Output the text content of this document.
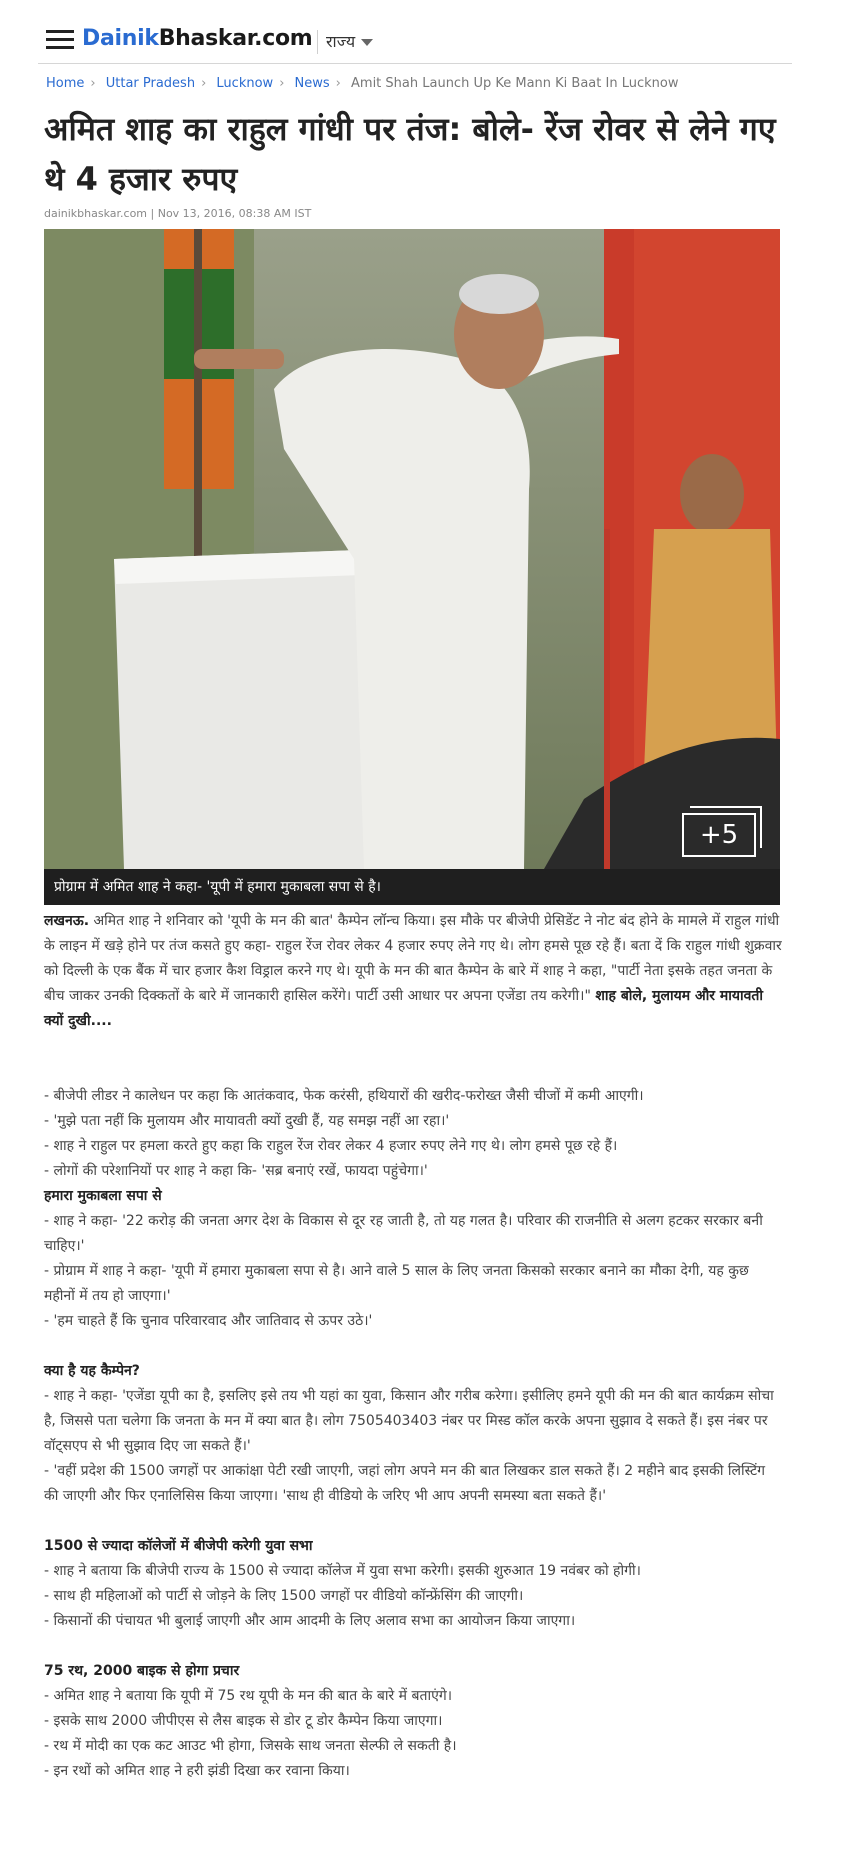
DainikBhaskar.com राज्य
Home › Uttar Pradesh › Lucknow › News › Amit Shah Launch Up Ke Mann Ki Baat In Lucknow
अमित शाह का राहुल गांधी पर तंज: बोले- रेंज रोवर से लेने गए थे 4 हजार रुपए
dainikbhaskar.com | Nov 13, 2016, 08:38 AM IST
+5
प्रोग्राम में अमित शाह ने कहा- 'यूपी में हमारा मुकाबला सपा से है।

लखनऊ. अमित शाह ने शनिवार को 'यूपी के मन की बात' कैम्पेन लॉन्च किया। इस मौके पर बीजेपी प्रेसिडेंट ने नोट बंद होने के मामले में राहुल गांधी के लाइन में खड़े होने पर तंज कसते हुए कहा- राहुल रेंज रोवर लेकर 4 हजार रुपए लेने गए थे। लोग हमसे पूछ रहे हैं। बता दें कि राहुल गांधी शुक्रवार को दिल्ली के एक बैंक में चार हजार कैश विड्राल करने गए थे। यूपी के मन की बात कैम्पेन के बारे में शाह ने कहा, "पार्टी नेता इसके तहत जनता के बीच जाकर उनकी दिक्कतों के बारे में जानकारी हासिल करेंगे। पार्टी उसी आधार पर अपना एजेंडा तय करेगी।" शाह बोले, मुलायम और मायावती क्यों दुखी....

- बीजेपी लीडर ने कालेधन पर कहा कि आतंकवाद, फेक करंसी, हथियारों की खरीद-फरोख्त जैसी चीजों में कमी आएगी।

- 'मुझे पता नहीं कि मुलायम और मायावती क्यों दुखी हैं, यह समझ नहीं आ रहा।'

- शाह ने राहुल पर हमला करते हुए कहा कि राहुल रेंज रोवर लेकर 4 हजार रुपए लेने गए थे। लोग हमसे पूछ रहे हैं।

- लोगों की परेशानियों पर शाह ने कहा कि- 'सब्र बनाएं रखें, फायदा पहुंचेगा।'

हमारा मुकाबला सपा से

- शाह ने कहा- '22 करोड़ की जनता अगर देश के विकास से दूर रह जाती है, तो यह गलत है। परिवार की राजनीति से अलग हटकर सरकार बनी चाहिए।'

- प्रोग्राम में शाह ने कहा- 'यूपी में हमारा मुकाबला सपा से है। आने वाले 5 साल के लिए जनता किसको सरकार बनाने का मौका देगी, यह कुछ महीनों में तय हो जाएगा।'

- 'हम चाहते हैं कि चुनाव परिवारवाद और जातिवाद से ऊपर उठे।'

क्या है यह कैम्पेन?

- शाह ने कहा- 'एजेंडा यूपी का है, इसलिए इसे तय भी यहां का युवा, किसान और गरीब करेगा। इसीलिए हमने यूपी की मन की बात कार्यक्रम सोचा है, जिससे पता चलेगा कि जनता के मन में क्या बात है। लोग 7505403403 नंबर पर मिस्ड कॉल करके अपना सुझाव दे सकते हैं। इस नंबर पर वॉट्सएप से भी सुझाव दिए जा सकते हैं।'

- 'वहीं प्रदेश की 1500 जगहों पर आकांक्षा पेटी रखी जाएगी, जहां लोग अपने मन की बात लिखकर डाल सकते हैं। 2 महीने बाद इसकी लिस्टिंग की जाएगी और फिर एनालिसिस किया जाएगा। 'साथ ही वीडियो के जरिए भी आप अपनी समस्या बता सकते हैं।'

1500 से ज्यादा कॉलेजों में बीजेपी करेगी युवा सभा

- शाह ने बताया कि बीजेपी राज्य के 1500 से ज्यादा कॉलेज में युवा सभा करेगी। इसकी शुरुआत 19 नवंबर को होगी।

- साथ ही महिलाओं को पार्टी से जोड़ने के लिए 1500 जगहों पर वीडियो कॉन्फ्रेंसिंग की जाएगी।

- किसानों की पंचायत भी बुलाई जाएगी और आम आदमी के लिए अलाव सभा का आयोजन किया जाएगा।

75 रथ, 2000 बाइक से होगा प्रचार

- अमित शाह ने बताया कि यूपी में 75 रथ यूपी के मन की बात के बारे में बताएंगे।

- इसके साथ 2000 जीपीएस से लैस बाइक से डोर टू डोर कैम्पेन किया जाएगा।

- रथ में मोदी का एक कट आउट भी होगा, जिसके साथ जनता सेल्फी ले सकती है।

- इन रथों को अमित शाह ने हरी झंडी दिखा कर रवाना किया।
